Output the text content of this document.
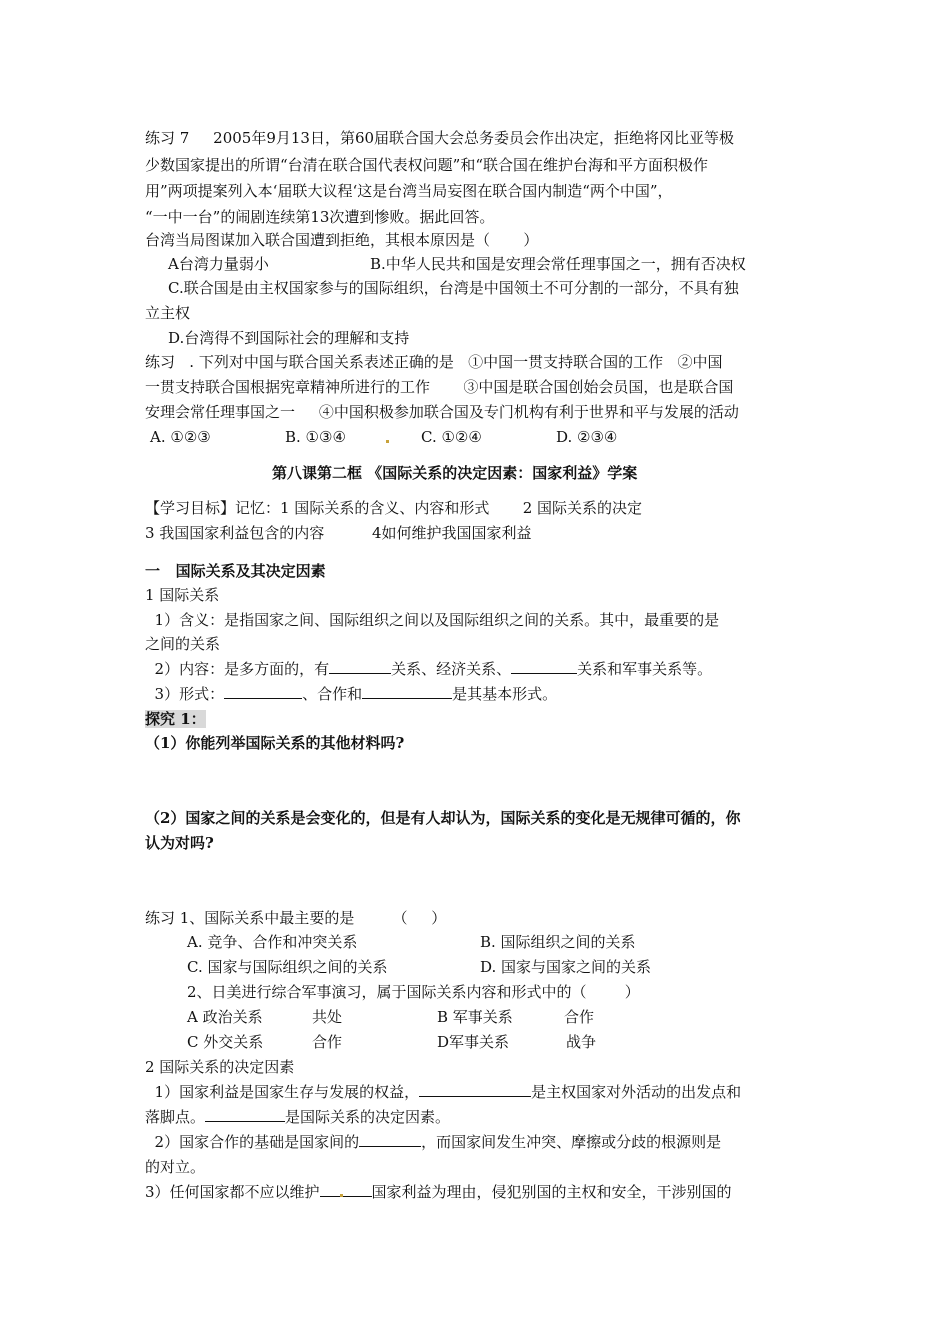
练习 7     2005年9月13日，第60届联合国大会总务委员会作出决定，拒绝将冈比亚等极
少数国家提出的所谓“台清在联合国代表权问题”和“联合国在维护台海和平方面积极作
用”两项提案列入本‘届联大议程‘这是台湾当局妄图在联合国内制造“两个中国”，
“一中一台”的闹剧连续第13次遭到惨败。据此回答。
台湾当局图谋加入联合国遭到拒绝，其根本原因是（       ）
A台湾力量弱小	B.中华人民共和国是安理会常任理事国之一，拥有否决权
C.联合国是由主权国家参与的国际组织，台湾是中国领土不可分割的一部分，不具有独
立主权
D.台湾得不到国际社会的理解和支持
练习   . 下列对中国与联合国关系表述正确的是   ①中国一贯支持联合国的工作   ②中国
一贯支持联合国根据宪章精神所进行的工作       ③中国是联合国创始会员国，也是联合国
安理会常任理事国之一     ④中国积极参加联合国及专门机构有利于世界和平与发展的活动
A. ①②③	B. ①③④	C. ①②④	D. ②③④
第八课第二框 《国际关系的决定因素：国家利益》学案
【学习目标】记忆：1 国际关系的含义、内容和形式       2 国际关系的决定
3 我国国家利益包含的内容          4如何维护我国国家利益
一   国际关系及其决定因素
1 国际关系
1）含义：是指国家之间、国际组织之间以及国际组织之间的关系。其中，最重要的是
之间的关系
2）内容：是多方面的，有	关系、经济关系、	关系和军事关系等。
3）形式：	、合作和	是其基本形式。
探究 1：
（1）你能列举国际关系的其他材料吗?
（2）国家之间的关系是会变化的，但是有人却认为，国际关系的变化是无规律可循的，你
认为对吗?
练习 1、国际关系中最主要的是        （     ）
A. 竞争、合作和冲突关系	B. 国际组织之间的关系
C. 国家与国际组织之间的关系	D. 国家与国家之间的关系
2、日美进行综合军事演习，属于国际关系内容和形式中的（        ）
A 政治关系	共处	B 军事关系	合作
C 外交关系	合作	D军事关系	战争
2 国际关系的决定因素
1）国家利益是国家生存与发展的权益，	是主权国家对外活动的出发点和
落脚点。	是国际关系的决定因素。
2）国家合作的基础是国家间的	，而国家间发生冲突、摩擦或分歧的根源则是
的对立。
3）任何国家都不应以维护	国家利益为理由，侵犯别国的主权和安全，干涉别国的
